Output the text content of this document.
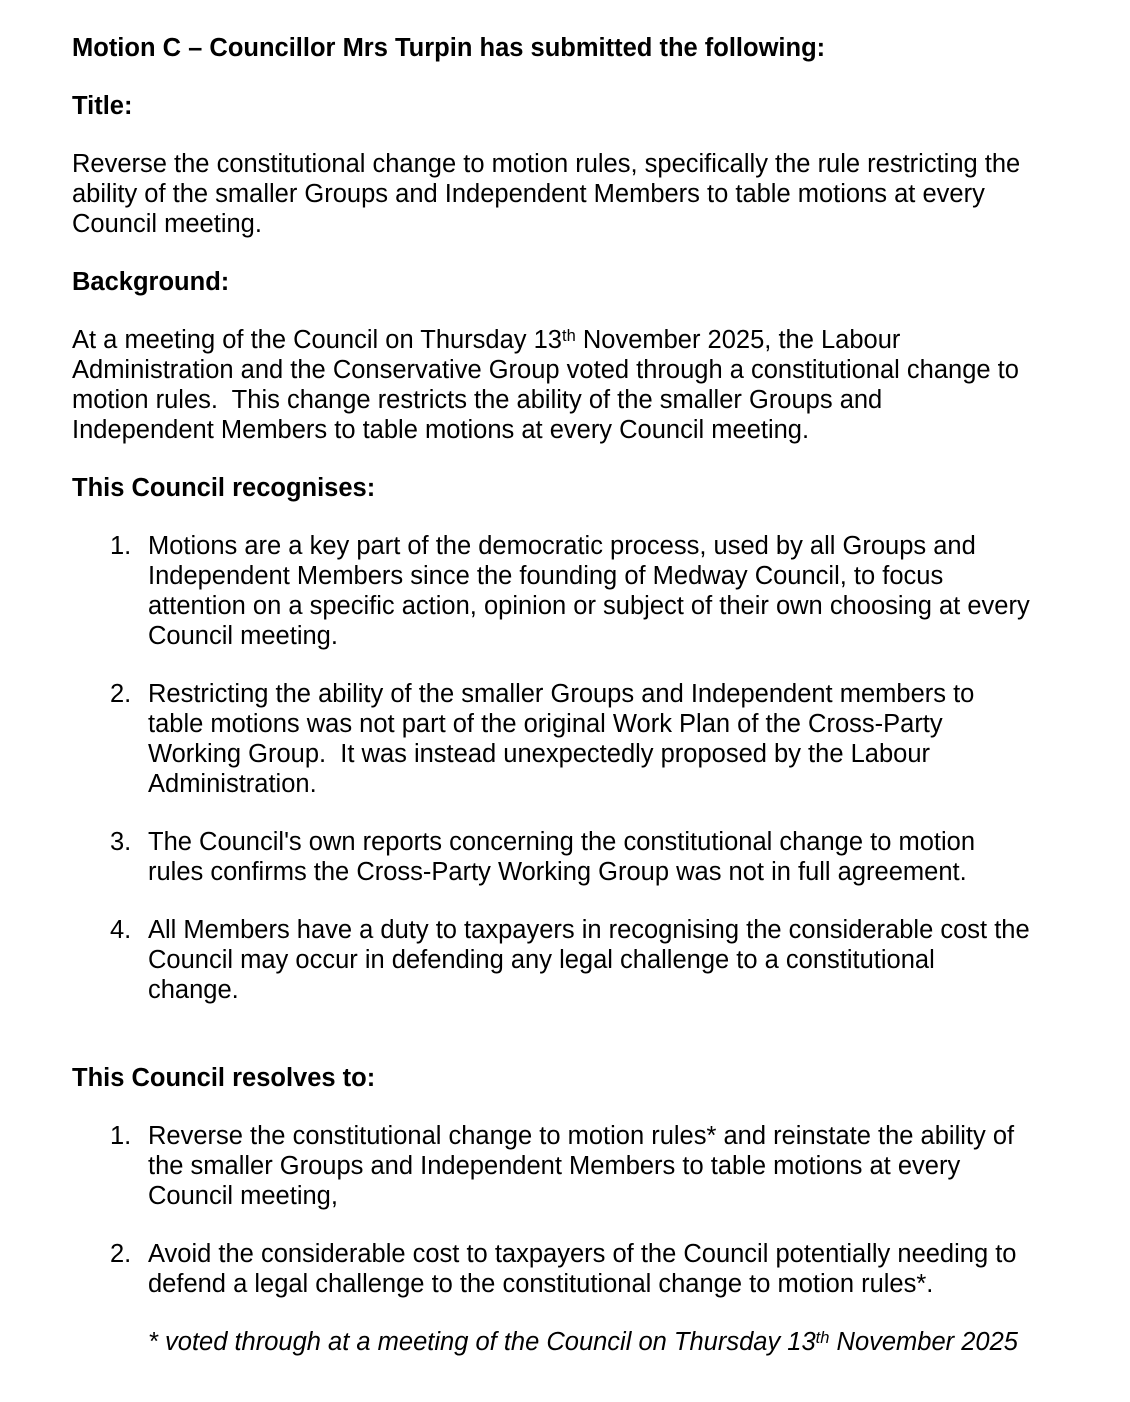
Motion C – Councillor Mrs Turpin has submitted the following:

Title:

Reverse the constitutional change to motion rules, specifically the rule restricting the ability of the smaller Groups and Independent Members to table motions at every Council meeting.

Background:

At a meeting of the Council on Thursday 13th November 2025, the Labour Administration and the Conservative Group voted through a constitutional change to motion rules.  This change restricts the ability of the smaller Groups and Independent Members to table motions at every Council meeting.

This Council recognises:

1. Motions are a key part of the democratic process, used by all Groups and Independent Members since the founding of Medway Council, to focus attention on a specific action, opinion or subject of their own choosing at every Council meeting.
2. Restricting the ability of the smaller Groups and Independent members to table motions was not part of the original Work Plan of the Cross-Party Working Group.  It was instead unexpectedly proposed by the Labour Administration.
3. The Council's own reports concerning the constitutional change to motion rules confirms the Cross-Party Working Group was not in full agreement.
4. All Members have a duty to taxpayers in recognising the considerable cost the Council may occur in defending any legal challenge to a constitutional change.

This Council resolves to:

1. Reverse the constitutional change to motion rules* and reinstate the ability of the smaller Groups and Independent Members to table motions at every Council meeting,
2. Avoid the considerable cost to taxpayers of the Council potentially needing to defend a legal challenge to the constitutional change to motion rules*.

* voted through at a meeting of the Council on Thursday 13th November 2025
